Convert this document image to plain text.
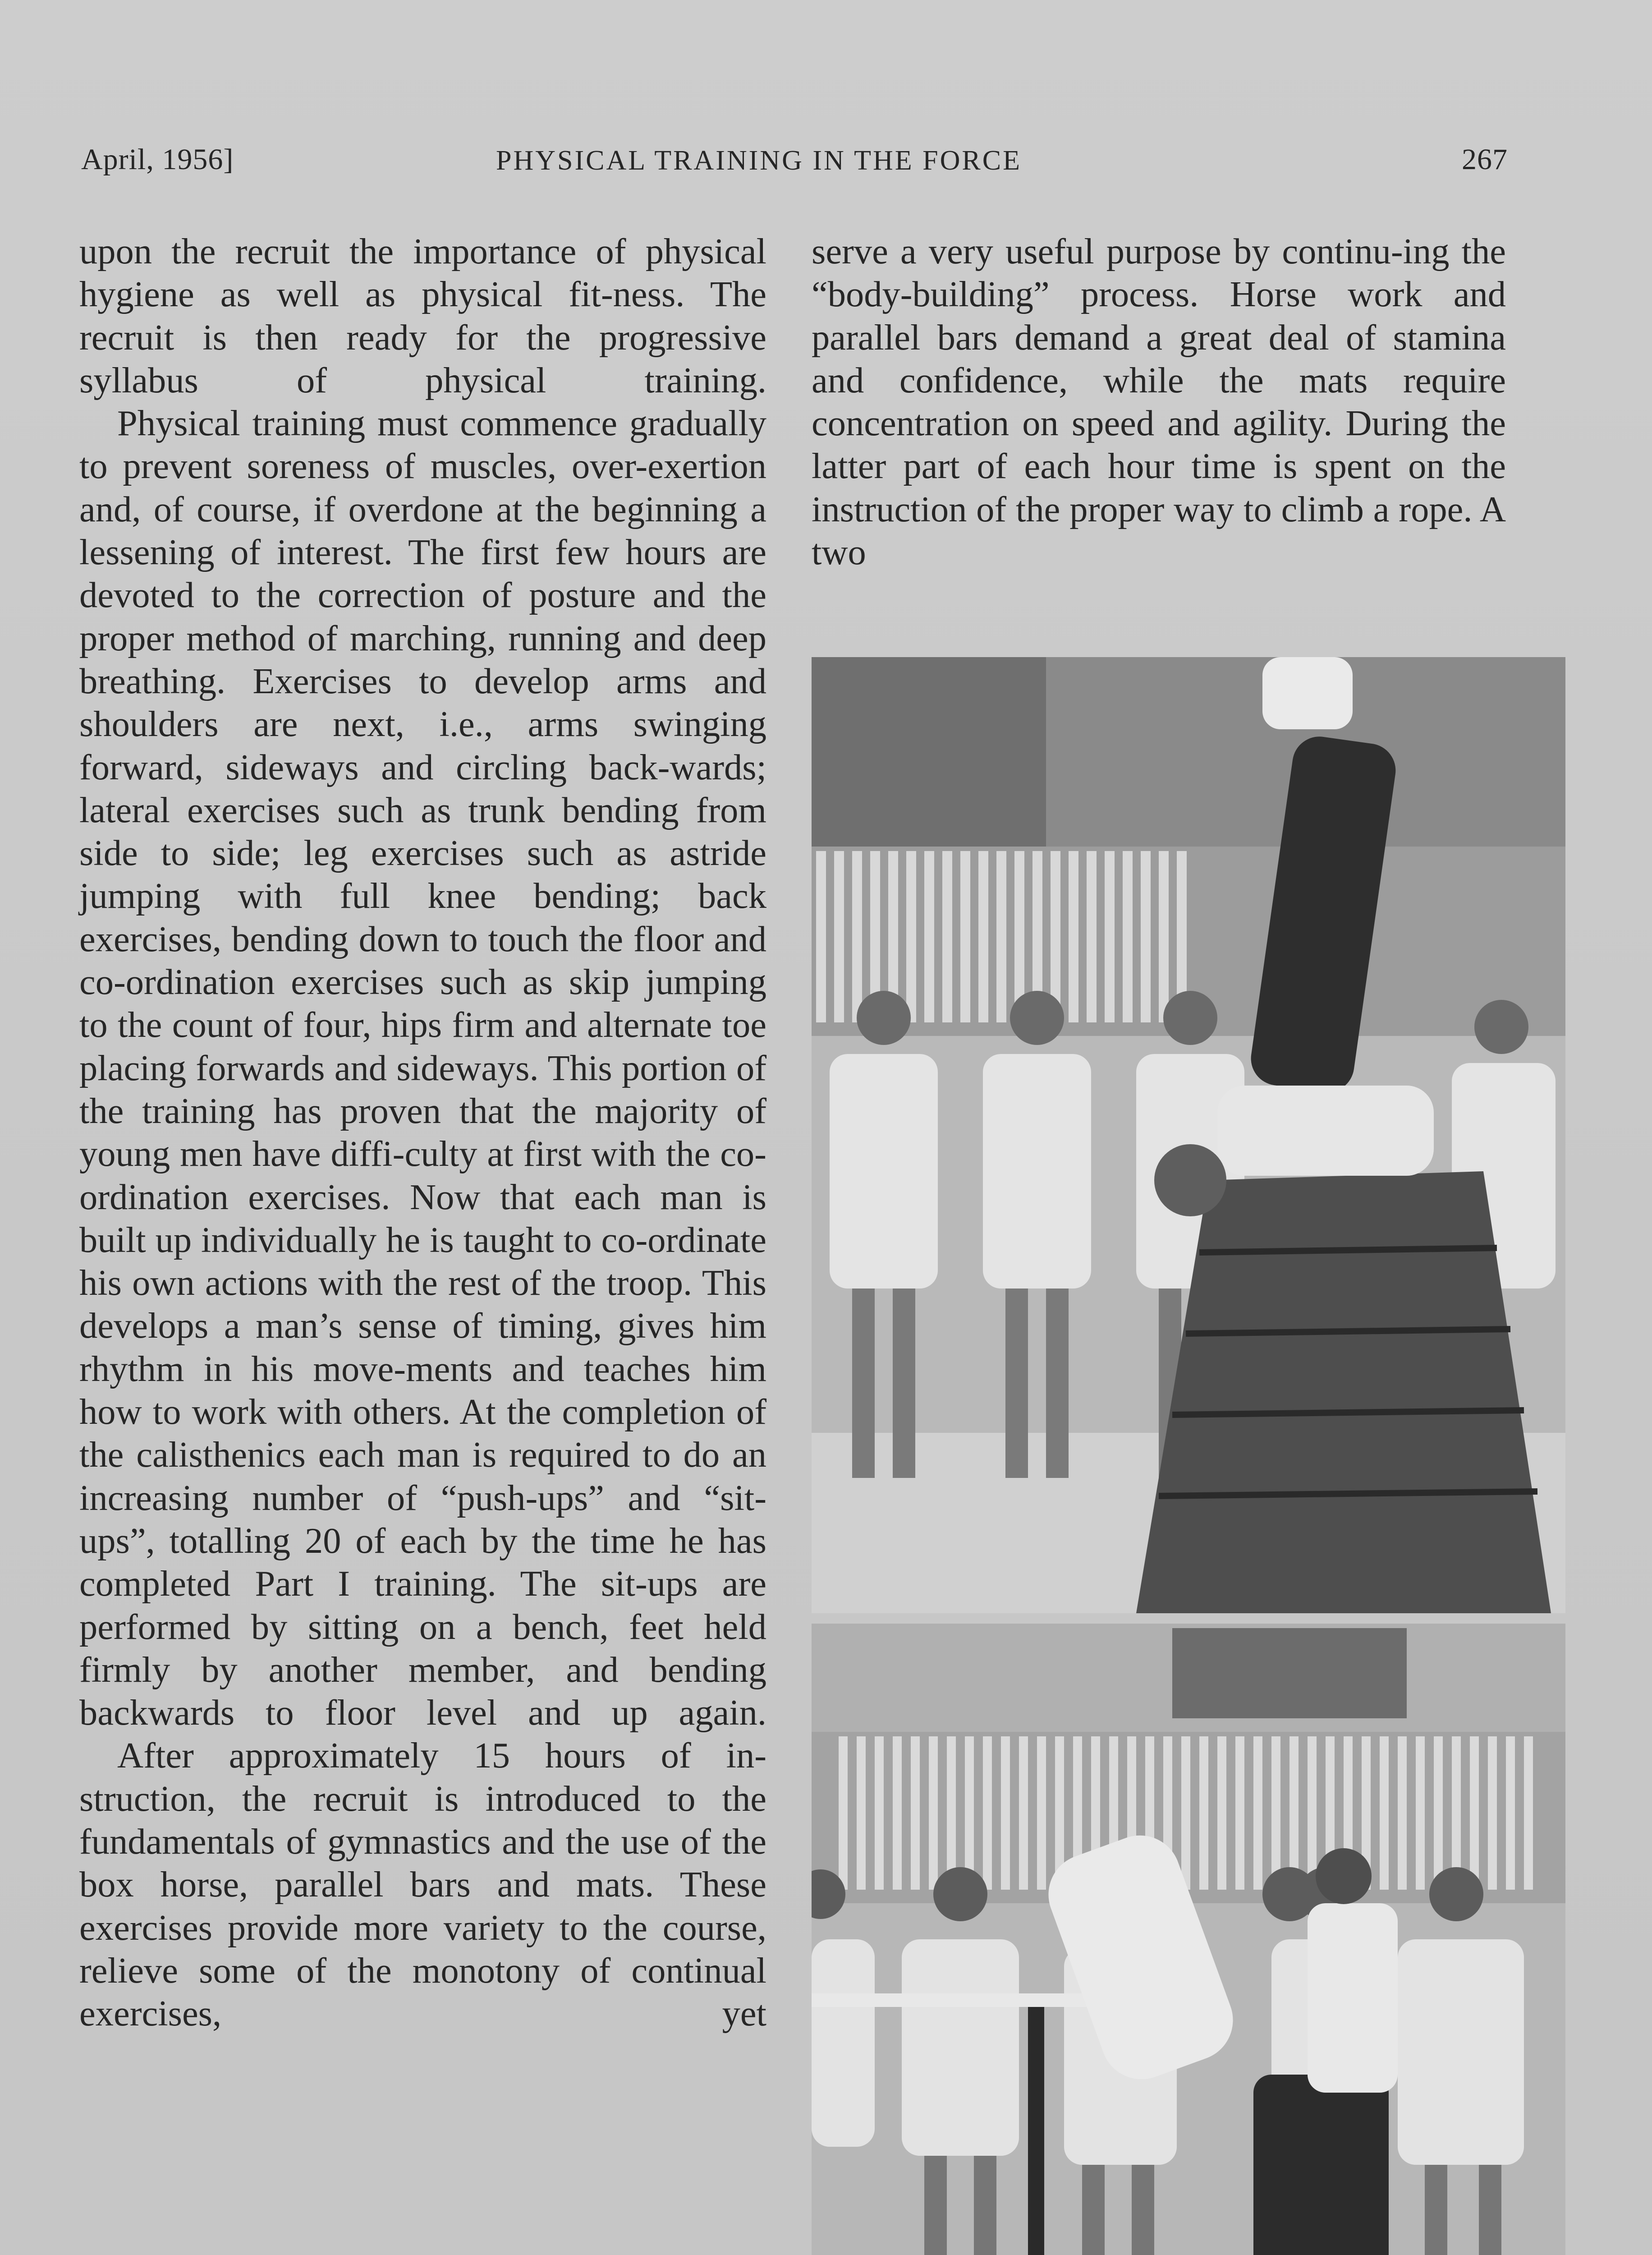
April, 1956]	PHYSICAL TRAINING IN THE FORCE	267

upon the recruit the importance of physical hygiene as well as physical fit-ness. The recruit is then ready for the progressive syllabus of physical training.

Physical training must commence gradually to prevent soreness of muscles, over-exertion and, of course, if overdone at the beginning a lessening of interest. The first few hours are devoted to the correction of posture and the proper method of marching, running and deep breathing. Exercises to develop arms and shoulders are next, i.e., arms swinging forward, sideways and circling back-wards; lateral exercises such as trunk bending from side to side; leg exercises such as astride jumping with full knee bending; back exercises, bending down to touch the floor and co-ordination exercises such as skip jumping to the count of four, hips firm and alternate toe placing forwards and sideways. This portion of the training has proven that the majority of young men have diffi-culty at first with the co-ordination exercises. Now that each man is built up individually he is taught to co-ordinate his own actions with the rest of the troop. This develops a man’s sense of timing, gives him rhythm in his move-ments and teaches him how to work with others. At the completion of the calisthenics each man is required to do an increasing number of “push-ups” and “sit-ups”, totalling 20 of each by the time he has completed Part I training. The sit-ups are performed by sitting on a bench, feet held firmly by another member, and bending backwards to floor level and up again.

After approximately 15 hours of in-struction, the recruit is introduced to the fundamentals of gymnastics and the use of the box horse, parallel bars and mats. These exercises provide more variety to the course, relieve some of the monotony of continual exercises, yet

serve a very useful purpose by continu-ing the “body-building” process. Horse work and parallel bars demand a great deal of stamina and confidence, while the mats require concentration on speed and agility. During the latter part of each hour time is spent on the instruction of the proper way to climb a rope. A two
